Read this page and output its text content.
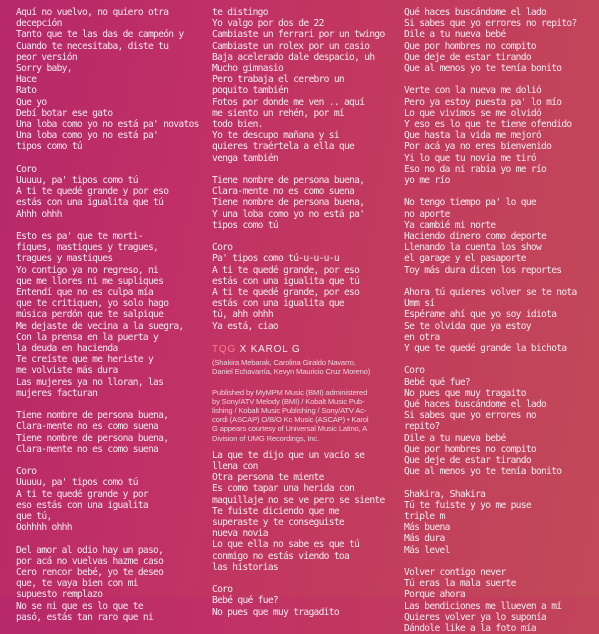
Aquí no vuelvo, no quiero otra
decepción
Tanto que te las das de campeón y
Cuando te necesitaba, diste tu
peor versión
Sorry baby,
Hace
Rato
Que yo
Debí botar ese gato
Una loba como yo no está pa' novatos
Una loba como yo no está pa'
tipos como tú
Coro
Uuuuu, pa' tipos como tú
A ti te quedé grande y por eso
estás con una igualita que tú
Ahhh ohhh
Esto es pa' que te morti-
fiques, mastiques y tragues,
tragues y mastiques
Yo contigo ya no regreso, ni
que me llores ni me supliques
Entendí que no es culpa mía
que te critiquen, yo solo hago
música perdón que te salpique
Me dejaste de vecina a la suegra,
Con la prensa en la puerta y
la deuda en hacienda
Te creíste que me heriste y
me volviste más dura
Las mujeres ya no lloran, las
mujeres facturan
Tiene nombre de persona buena,
Clara-mente no es como suena
Tiene nombre de persona buena,
Clara-mente no es como suena
Coro
Uuuuu, pa' tipos como tú
A ti te quedé grande y por
eso estás con una igualita
que tú,
Oohhhh ohhh
Del amor al odio hay un paso,
por acá no vuelvas hazme caso
Cero rencor bebé, yo te deseo
que, te vaya bien con mi
supuesto remplazo
No se ni que es lo que te
pasó, estás tan raro que ni
te distingo
Yo valgo por dos de 22
Cambiaste un ferrari por un twingo
Cambiaste un rolex por un casio
Baja acelerado dale despacio, uh
Mucho gimnasio
Pero trabaja el cerebro un
poquito también
Fotos por donde me ven .. aquí
me siento un rehén, por mí
todo bien.
Yo te descupo mañana y si
quieres traértela a ella que
venga también
Tiene nombre de persona buena,
Clara-mente no es como suena
Tiene nombre de persona buena,
Y una loba como yo no está pa'
tipos como tú
Coro
Pa' tipos como tú-u-u-u-u
A ti te quedé grande, por eso
estás con una igualita que tú
A ti te quedé grande, por eso
estás con una igualita que
tú, ahh ohhh
Ya está, ciao
TQG X KAROL G
(Shakira Mebarak, Carolina Giraldo Navarro,
Daniel Echavarría, Kevyn Mauricio Cruz Moreno)
Published by MyMPM Music (BMI) administered
by Sony/ATV Melody (BMI) / Kobalt Music Pub-
lishing / Kobalt Music Publishing / Sony/ATV Ac-
cordi (ASCAP) O/B/O Kc Music (ASCAP) • Karol
G appears courtesy of Universal Music Latino, A
Division of UMG Recordings, Inc.
La que te dijo que un vacío se
llena con
Otra persona te miente
Es como tapar una herida con
maquillaje no se ve pero se siente
Te fuiste diciendo que me
superaste y te conseguiste
nueva novia
Lo que ella no sabe es que tú
conmigo no estás viendo toa
las historias
Coro
Bebé qué fue?
No pues que muy tragadito
Qué haces buscándome el lado
Si sabes que yo errores no repito?
Dile a tu nueva bebé
Que por hombres no compito
Que deje de estar tirando
Que al menos yo te tenía bonito
Verte con la nueva me dolió
Pero ya estoy puesta pa' lo mío
Lo que vivimos se me olvidó
Y eso es lo que te tiene ofendido
Que hasta la vida me mejoró
Por acá ya no eres bienvenido
Yi lo que tu novia me tiró
Eso no da ni rabia yo me río
yo me río
No tengo tiempo pa' lo que
no aporte
Ya cambié mi norte
Haciendo dinero como deporte
Llenando la cuenta los show
el garage y el pasaporte
Toy más dura dicen los reportes
Ahora tú quieres volver se te nota
Umm sí
Espérame ahí que yo soy idiota
Se te olvida que ya estoy
en otra
Y que te quedé grande la bichota
Coro
Bebé qué fue?
No pues que muy tragaito
Qué haces buscándome el lado
Si sabes que yo errores no
repito?
Dile a tu nueva bebé
Que por hombres no compito
Que deje de estar tirando
Que al menos yo te tenía bonito
Shakira, Shakira
Tú te fuiste y yo me puse
triple m
Más buena
Más dura
Más level
Volver contigo never
Tú eras la mala suerte
Porque ahora
Las bendiciones me llueven a mí
Quieres volver ya lo suponía
Dándole like a la foto mía
